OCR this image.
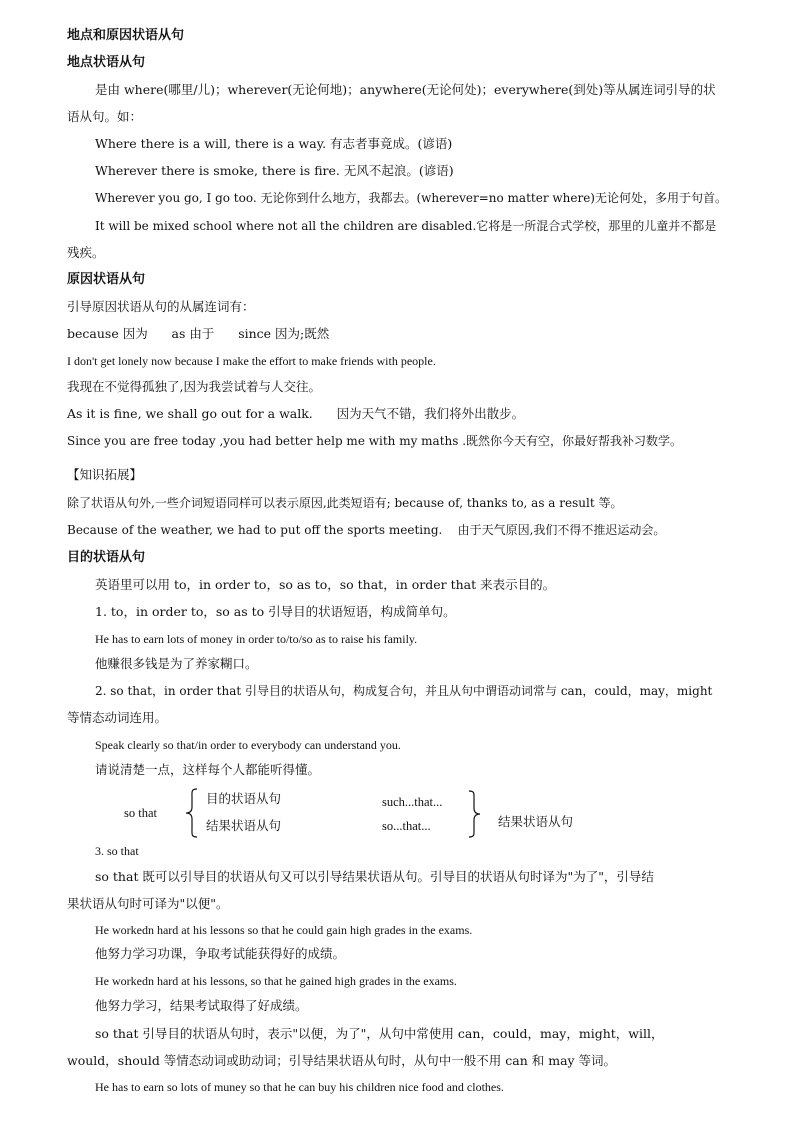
地点和原因状语从句
地点状语从句
是由 where(哪里/儿)；wherever(无论何地)；anywhere(无论何处)；everywhere(到处)等从属连词引导的状
语从句。如：
Where there is a will, there is a way. 有志者事竟成。(谚语)
Wherever there is smoke, there is fire. 无风不起浪。(谚语)
Wherever you go, I go too. 无论你到什么地方，我都去。(wherever=no matter where)无论何处，多用于句首。
It will be mixed school where not all the children are disabled.它将是一所混合式学校，那里的儿童并不都是
残疾。
原因状语从句
引导原因状语从句的从属连词有：
because 因为      as 由于      since 因为;既然
I don't get lonely now because I make the effort to make friends with people.
我现在不觉得孤独了,因为我尝试着与人交往。
As it is fine, we shall go out for a walk.      因为天气不错，我们将外出散步。
Since you are free today ,you had better help me with my maths .既然你今天有空，你最好帮我补习数学。
【知识拓展】
除了状语从句外,一些介词短语同样可以表示原因,此类短语有; because of, thanks to, as a result 等。
Because of the weather, we had to put off the sports meeting.    由于天气原因,我们不得不推迟运动会。
目的状语从句
英语里可以用 to，in order to，so as to，so that，in order that 来表示目的。
1. to，in order to，so as to 引导目的状语短语，构成简单句。
He has to earn lots of money in order to/to/so as to raise his family.
他赚很多钱是为了养家糊口。
2. so that，in order that 引导目的状语从句，构成复合句，并且从句中谓语动词常与 can，could，may，might
等情态动词连用。
Speak clearly so that/in order to everybody can understand you.
请说清楚一点，这样每个人都能听得懂。
so that
目的状语从句
结果状语从句
such...that...
so...that...	结果状语从句
3. so that
so that 既可以引导目的状语从句又可以引导结果状语从句。引导目的状语从句时译为"为了"，引导结
果状语从句时可译为"以便"。
He workedn hard at his lessons so that he could gain high grades in the exams.
他努力学习功课，争取考试能获得好的成绩。
He workedn hard at his lessons, so that he gained high grades in the exams.
他努力学习，结果考试取得了好成绩。
so that 引导目的状语从句时，表示"以便，为了"，从句中常使用 can，could，may，might，will，
would，should 等情态动词或助动词；引导结果状语从句时，从句中一般不用 can 和 may 等词。
He has to earn so lots of muney so that he can buy his children nice food and clothes.
